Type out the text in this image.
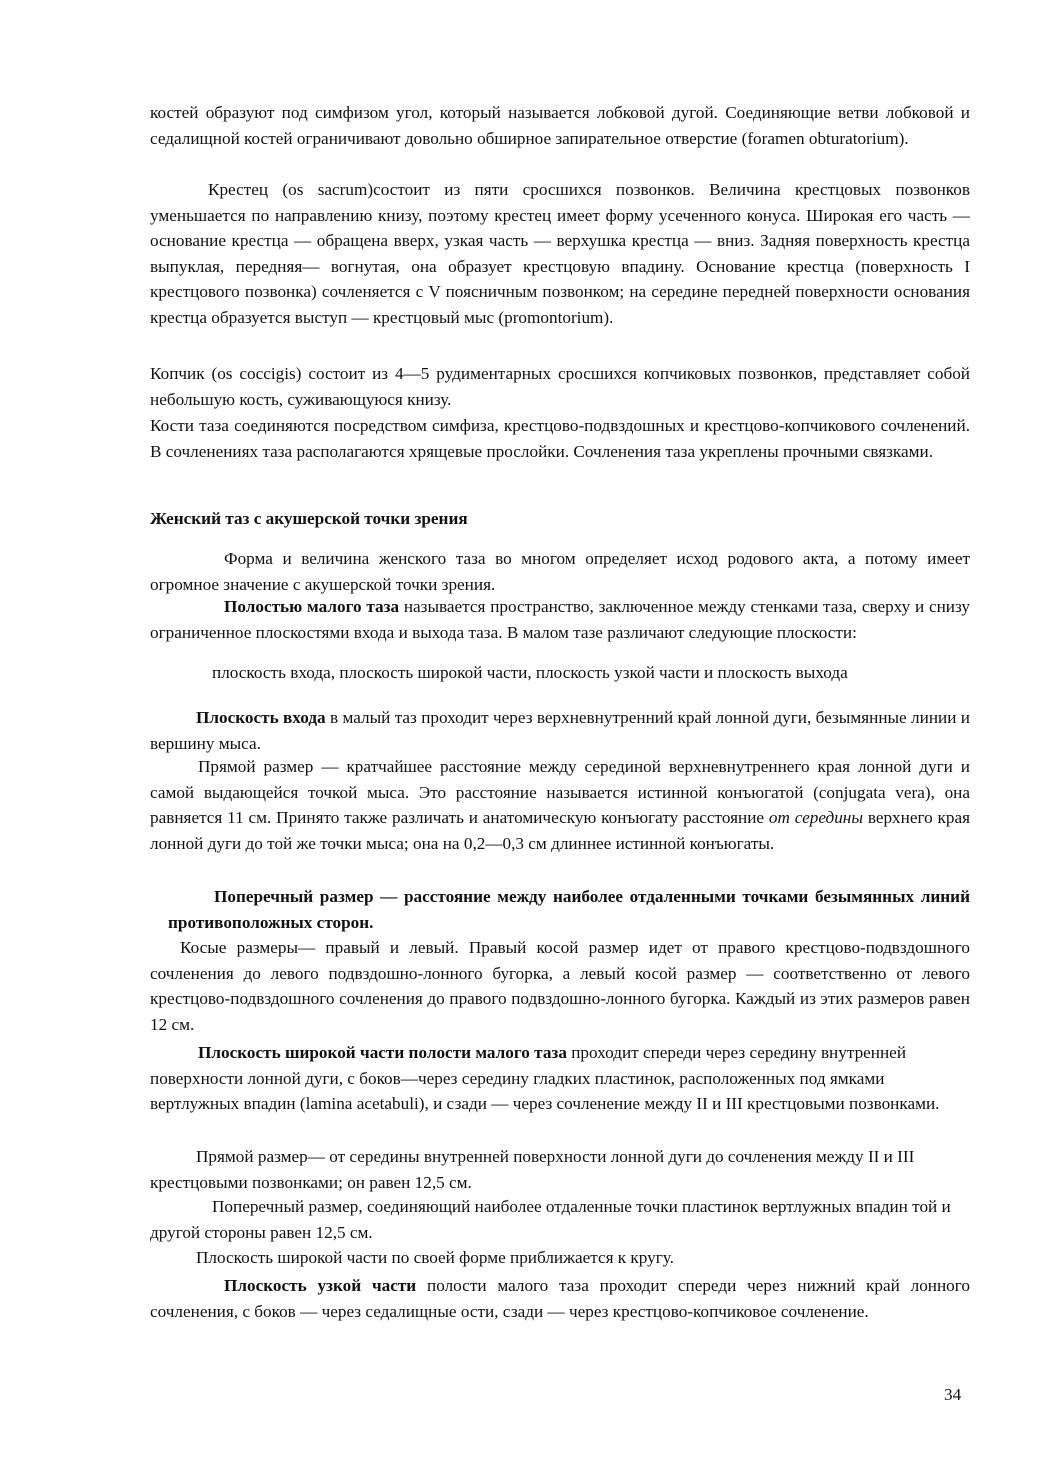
костей образуют под симфизом угол, который называется лобковой дугой. Соединяющие ветви лобковой и седалищной костей ограничивают довольно обширное запирательное отверстие (foramen obturatorium).

Крестец (os sacrum)состоит из пяти сросшихся позвонков. Величина крестцовых позвонков уменьшается по направлению книзу, поэтому крестец имеет форму усеченного конуса. Широкая его часть — основание крестца — обращена вверх, узкая часть — верхушка крестца — вниз. Задняя поверхность крестца выпуклая, передняя— вогнутая, она образует крестцовую впадину. Основание крестца (поверхность I крестцового позвонка) сочленяется с V поясничным позвонком; на середине передней поверхности основания крестца образуется выступ — крестцовый мыс (promontorium).

Копчик (os coccigis) состоит из 4—5 рудиментарных сросшихся копчиковых позвонков, представляет собой небольшую кость, суживающуюся книзу.

Кости таза соединяются посредством симфиза, крестцово-подвздошных и крестцово-копчикового сочленений. В сочленениях таза располагаются хрящевые прослойки. Сочленения таза укреплены прочными связками.

Женский таз с акушерской точки зрения

Форма и величина женского таза во многом определяет исход родового акта, а потому имеет огромное значение с акушерской точки зрения.

Полостью малого таза называется пространство, заключенное между стенками таза, сверху и снизу ограниченное плоскостями входа и выхода таза. В малом тазе различают следующие плоскости:

плоскость входа, плоскость широкой части, плоскость узкой части и плоскость выхода

Плоскость входа в малый таз проходит через верхневнутренний край лонной дуги, безымянные линии и вершину мыса.

Прямой размер — кратчайшее расстояние между серединой верхневнутреннего края лонной дуги и самой выдающейся точкой мыса. Это расстояние называется истинной конъюгатой (conjugata vera), она равняется 11 см. Принято также различать и анатомическую конъюгату расстояние от середины верхнего края лонной дуги до той же точки мыса; она на 0,2—0,3 см длиннее истинной конъюгаты.

Поперечный размер — расстояние между наиболее отдаленными точками безымянных линий противоположных сторон.

Косые размеры— правый и левый. Правый косой размер идет от правого крестцово-подвздошного сочленения до левого подвздошно-лонного бугорка, а левый косой размер — соответственно от левого крестцово-подвздошного сочленения до правого подвздошно-лонного бугорка. Каждый из этих размеров равен 12 см.

Плоскость широкой части полости малого таза проходит спереди через середину внутренней поверхности лонной дуги, с боков—через середину гладких пластинок, расположенных под ямками вертлужных впадин (lamina acetabuli), и сзади — через сочленение между II и III крестцовыми позвонками.

Прямой размер— от середины внутренней поверхности лонной дуги до сочленения между II и III крестцовыми позвонками; он равен 12,5 см.

Поперечный размер, соединяющий наиболее отдаленные точки пластинок вертлужных впадин той и другой стороны равен 12,5 см.

Плоскость широкой части по своей форме приближается к кругу.

Плоскость узкой части полости малого таза проходит спереди через нижний край лонного сочленения, с боков — через седалищные ости, сзади — через крестцово-копчиковое сочленение.

34
